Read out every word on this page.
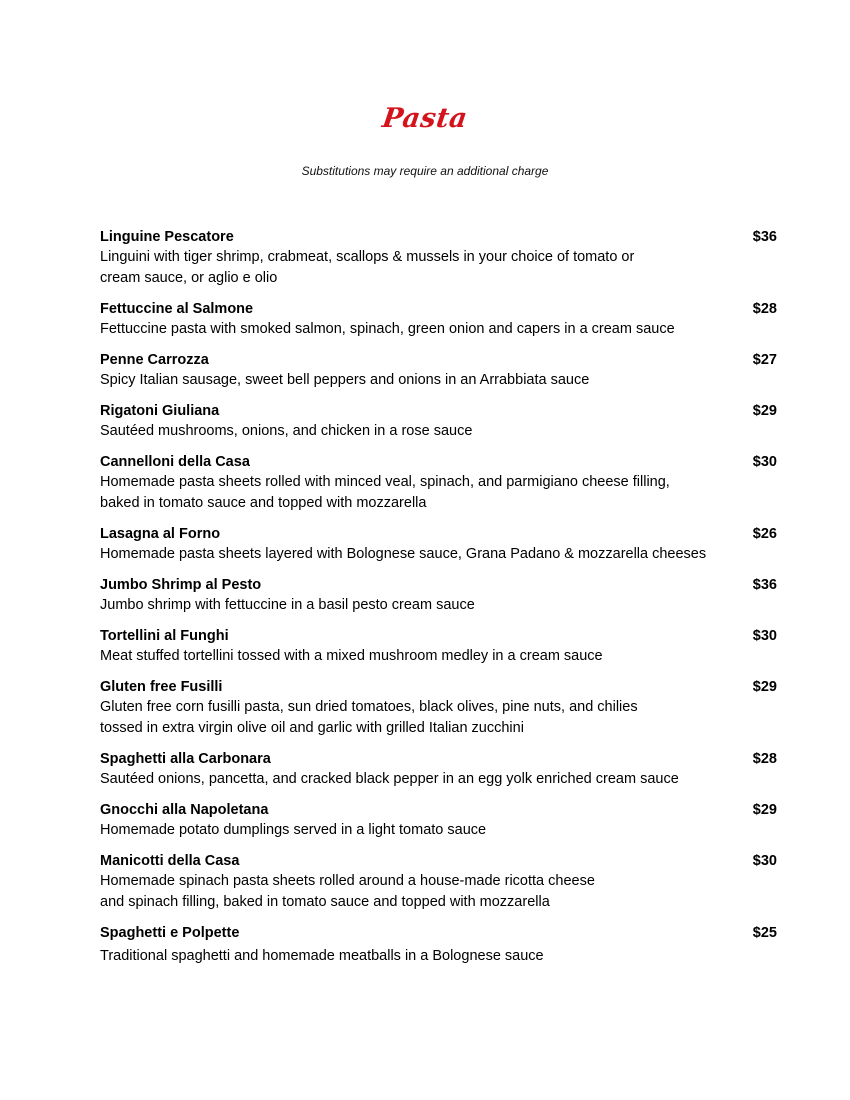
Pasta
Substitutions may require an additional charge
Linguine Pescatore	$36
Linguini with tiger shrimp, crabmeat, scallops & mussels in your choice of tomato or
cream sauce, or aglio e olio
Fettuccine al Salmone	$28
Fettuccine pasta with smoked salmon, spinach, green onion and capers in a cream sauce
Penne Carrozza	$27
Spicy Italian sausage, sweet bell peppers and onions in an Arrabbiata sauce
Rigatoni Giuliana	$29
Sautéed mushrooms, onions, and chicken in a rose sauce
Cannelloni della Casa	$30
Homemade pasta sheets rolled with minced veal, spinach, and parmigiano cheese filling,
baked in tomato sauce and topped with mozzarella
Lasagna al Forno	$26
Homemade pasta sheets layered with Bolognese sauce, Grana Padano & mozzarella cheeses
Jumbo Shrimp al Pesto	$36
Jumbo shrimp with fettuccine in a basil pesto cream sauce
Tortellini al Funghi	$30
Meat stuffed tortellini tossed with a mixed mushroom medley in a cream sauce
Gluten free Fusilli	$29
Gluten free corn fusilli pasta, sun dried tomatoes, black olives, pine nuts, and chilies
tossed in extra virgin olive oil and garlic with grilled Italian zucchini
Spaghetti alla Carbonara	$28
Sautéed onions, pancetta, and cracked black pepper in an egg yolk enriched cream sauce
Gnocchi alla Napoletana	$29
Homemade potato dumplings served in a light tomato sauce
Manicotti della Casa	$30
Homemade spinach pasta sheets rolled around a house-made ricotta cheese
and spinach filling, baked in tomato sauce and topped with mozzarella
Spaghetti e Polpette	$25
Traditional spaghetti and homemade meatballs in a Bolognese sauce
